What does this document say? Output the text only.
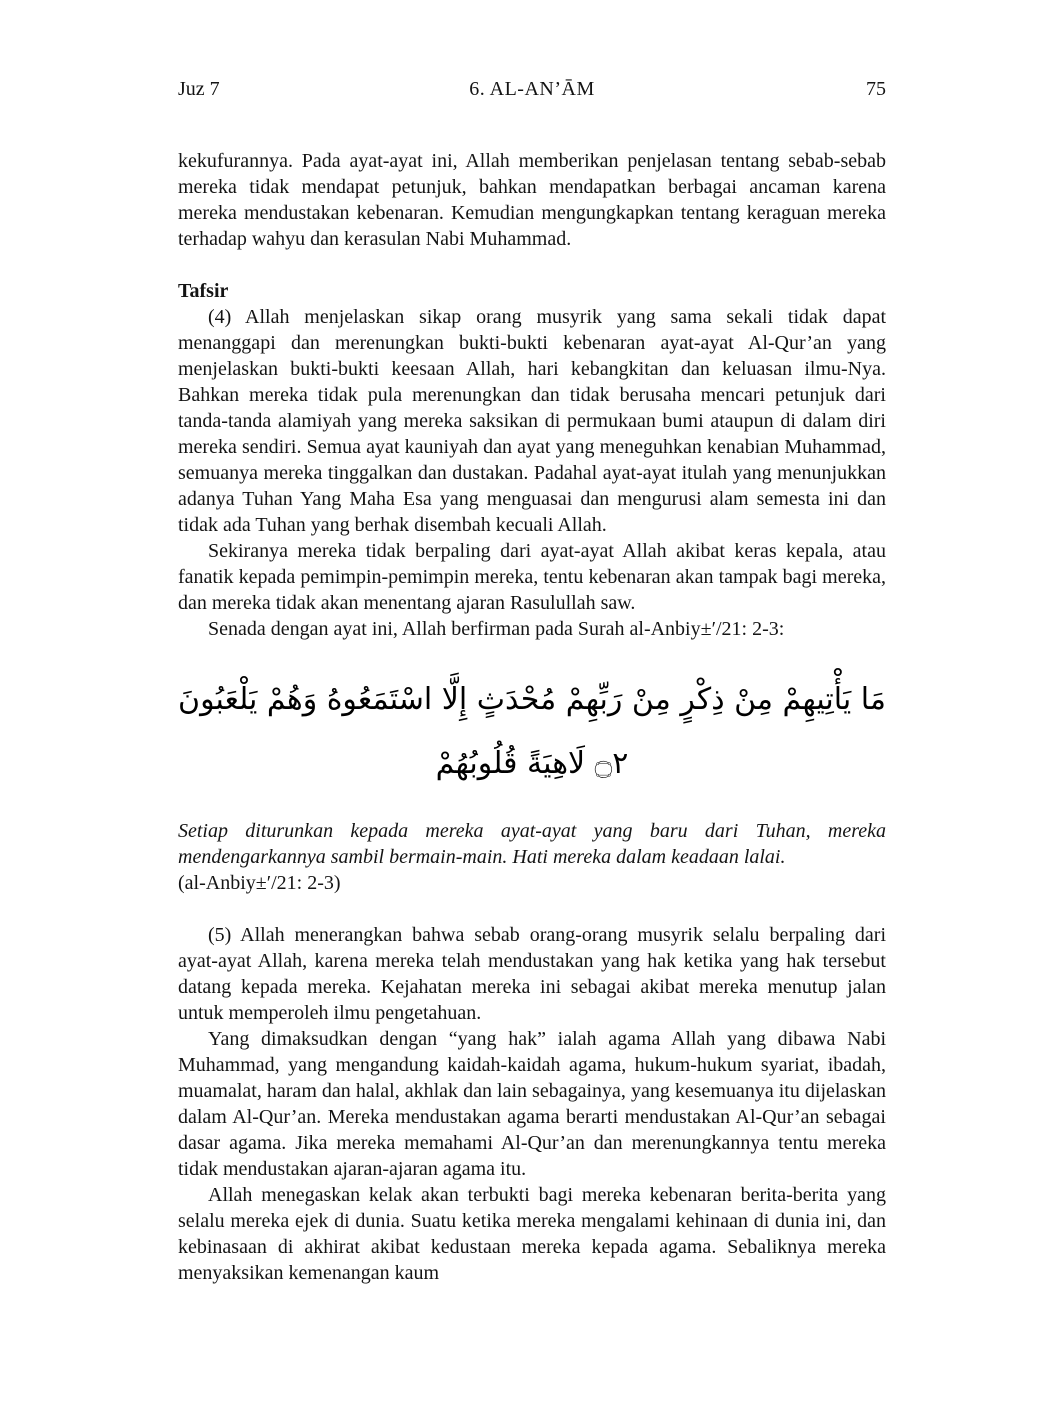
Juz 7	6. AL-AN’ĀM	75

kekufurannya. Pada ayat-ayat ini, Allah memberikan penjelasan tentang sebab-sebab mereka tidak mendapat petunjuk, bahkan mendapatkan berbagai ancaman karena mereka mendustakan kebenaran. Kemudian mengungkapkan tentang keraguan mereka terhadap wahyu dan kerasulan Nabi Muhammad.

Tafsir

(4) Allah menjelaskan sikap orang musyrik yang sama sekali tidak dapat menanggapi dan merenungkan bukti-bukti kebenaran ayat-ayat Al-Qur’an yang menjelaskan bukti-bukti keesaan Allah, hari kebangkitan dan keluasan ilmu-Nya. Bahkan mereka tidak pula merenungkan dan tidak berusaha mencari petunjuk dari tanda-tanda alamiyah yang mereka saksikan di permukaan bumi ataupun di dalam diri mereka sendiri. Semua ayat kauniyah dan ayat yang meneguhkan kenabian Muhammad, semuanya mereka tinggalkan dan dustakan. Padahal ayat-ayat itulah yang menunjukkan adanya Tuhan Yang Maha Esa yang menguasai dan mengurusi alam semesta ini dan tidak ada Tuhan yang berhak disembah kecuali Allah.

Sekiranya mereka tidak berpaling dari ayat-ayat Allah akibat keras kepala, atau fanatik kepada pemimpin-pemimpin mereka, tentu kebenaran akan tampak bagi mereka, dan mereka tidak akan menentang ajaran Rasulullah saw.

Senada dengan ayat ini, Allah berfirman pada Surah al-Anbiy±′/21: 2-3:

مَا يَأْتِيهِمْ مِنْ ذِكْرٍ مِنْ رَبِّهِمْ مُحْدَثٍ إِلَّا اسْتَمَعُوهُ وَهُمْ يَلْعَبُونَ ۝٢ لَاهِيَةً قُلُوبُهُمْ

Setiap diturunkan kepada mereka ayat-ayat yang baru dari Tuhan, mereka mendengarkannya sambil bermain-main. Hati mereka dalam keadaan lalai.

(al-Anbiy±′/21: 2-3)

(5) Allah menerangkan bahwa sebab orang-orang musyrik selalu berpaling dari ayat-ayat Allah, karena mereka telah mendustakan yang hak ketika yang hak tersebut datang kepada mereka. Kejahatan mereka ini sebagai akibat mereka menutup jalan untuk memperoleh ilmu pengetahuan.

Yang dimaksudkan dengan “yang hak” ialah agama Allah yang dibawa Nabi Muhammad, yang mengandung kaidah-kaidah agama, hukum-hukum syariat, ibadah, muamalat, haram dan halal, akhlak dan lain sebagainya, yang kesemuanya itu dijelaskan dalam Al-Qur’an. Mereka mendustakan agama berarti mendustakan Al-Qur’an sebagai dasar agama. Jika mereka memahami Al-Qur’an dan merenungkannya tentu mereka tidak mendustakan ajaran-ajaran agama itu.

Allah menegaskan kelak akan terbukti bagi mereka kebenaran berita-berita yang selalu mereka ejek di dunia. Suatu ketika mereka mengalami kehinaan di dunia ini, dan kebinasaan di akhirat akibat kedustaan mereka kepada agama. Sebaliknya mereka menyaksikan kemenangan kaum
